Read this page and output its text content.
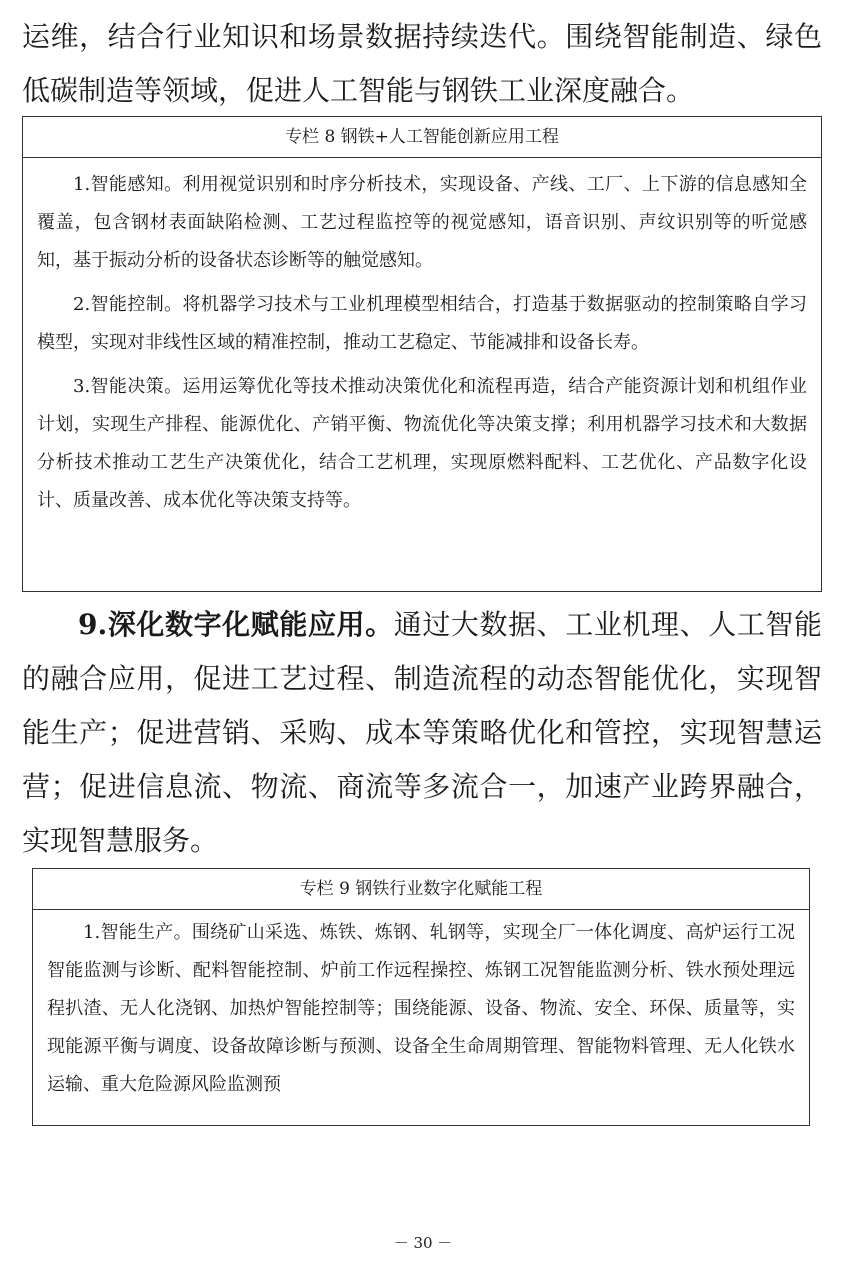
运维，结合行业知识和场景数据持续迭代。围绕智能制造、绿色低碳制造等领域，促进人工智能与钢铁工业深度融合。

专栏 8 钢铁+人工智能创新应用工程

1.智能感知。利用视觉识别和时序分析技术，实现设备、产线、工厂、上下游的信息感知全覆盖，包含钢材表面缺陷检测、工艺过程监控等的视觉感知，语音识别、声纹识别等的听觉感知，基于振动分析的设备状态诊断等的触觉感知。

2.智能控制。将机器学习技术与工业机理模型相结合，打造基于数据驱动的控制策略自学习模型，实现对非线性区域的精准控制，推动工艺稳定、节能减排和设备长寿。

3.智能决策。运用运筹优化等技术推动决策优化和流程再造，结合产能资源计划和机组作业计划，实现生产排程、能源优化、产销平衡、物流优化等决策支撑；利用机器学习技术和大数据分析技术推动工艺生产决策优化，结合工艺机理，实现原燃料配料、工艺优化、产品数字化设计、质量改善、成本优化等决策支持等。

9.深化数字化赋能应用。通过大数据、工业机理、人工智能的融合应用，促进工艺过程、制造流程的动态智能优化，实现智能生产；促进营销、采购、成本等策略优化和管控，实现智慧运营；促进信息流、物流、商流等多流合一，加速产业跨界融合，实现智慧服务。

专栏 9 钢铁行业数字化赋能工程

1.智能生产。围绕矿山采选、炼铁、炼钢、轧钢等，实现全厂一体化调度、高炉运行工况智能监测与诊断、配料智能控制、炉前工作远程操控、炼钢工况智能监测分析、铁水预处理远程扒渣、无人化浇钢、加热炉智能控制等；围绕能源、设备、物流、安全、环保、质量等，实现能源平衡与调度、设备故障诊断与预测、设备全生命周期管理、智能物料管理、无人化铁水运输、重大危险源风险监测预

－ 30 －
